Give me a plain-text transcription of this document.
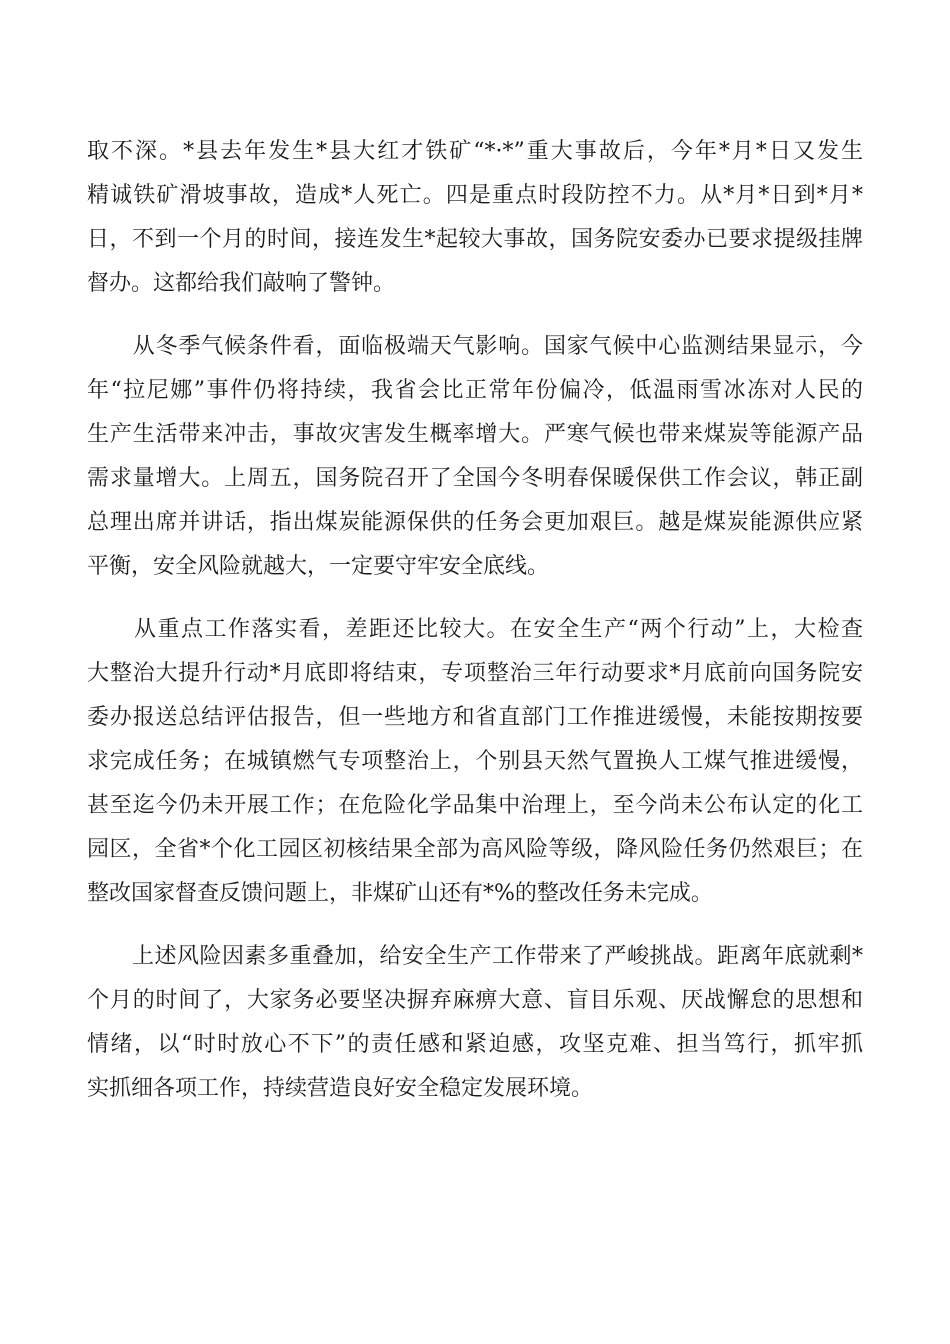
取不深。*县去年发生*县大红才铁矿“*·*”重大事故后，今年*月*日又发生
精诚铁矿滑坡事故，造成*人死亡。四是重点时段防控不力。从*月*日到*月*
日，不到一个月的时间，接连发生*起较大事故，国务院安委办已要求提级挂牌
督办。这都给我们敲响了警钟。
　　从冬季气候条件看，面临极端天气影响。国家气候中心监测结果显示，今
年“拉尼娜”事件仍将持续，我省会比正常年份偏冷，低温雨雪冰冻对人民的
生产生活带来冲击，事故灾害发生概率增大。严寒气候也带来煤炭等能源产品
需求量增大。上周五，国务院召开了全国今冬明春保暖保供工作会议，韩正副
总理出席并讲话，指出煤炭能源保供的任务会更加艰巨。越是煤炭能源供应紧
平衡，安全风险就越大，一定要守牢安全底线。
　　从重点工作落实看，差距还比较大。在安全生产“两个行动”上，大检查
大整治大提升行动*月底即将结束，专项整治三年行动要求*月底前向国务院安
委办报送总结评估报告，但一些地方和省直部门工作推进缓慢，未能按期按要
求完成任务；在城镇燃气专项整治上，个别县天然气置换人工煤气推进缓慢，
甚至迄今仍未开展工作；在危险化学品集中治理上，至今尚未公布认定的化工
园区，全省*个化工园区初核结果全部为高风险等级，降风险任务仍然艰巨；在
整改国家督查反馈问题上，非煤矿山还有*%的整改任务未完成。
　　上述风险因素多重叠加，给安全生产工作带来了严峻挑战。距离年底就剩*
个月的时间了，大家务必要坚决摒弃麻痹大意、盲目乐观、厌战懈怠的思想和
情绪，以“时时放心不下”的责任感和紧迫感，攻坚克难、担当笃行，抓牢抓
实抓细各项工作，持续营造良好安全稳定发展环境。
